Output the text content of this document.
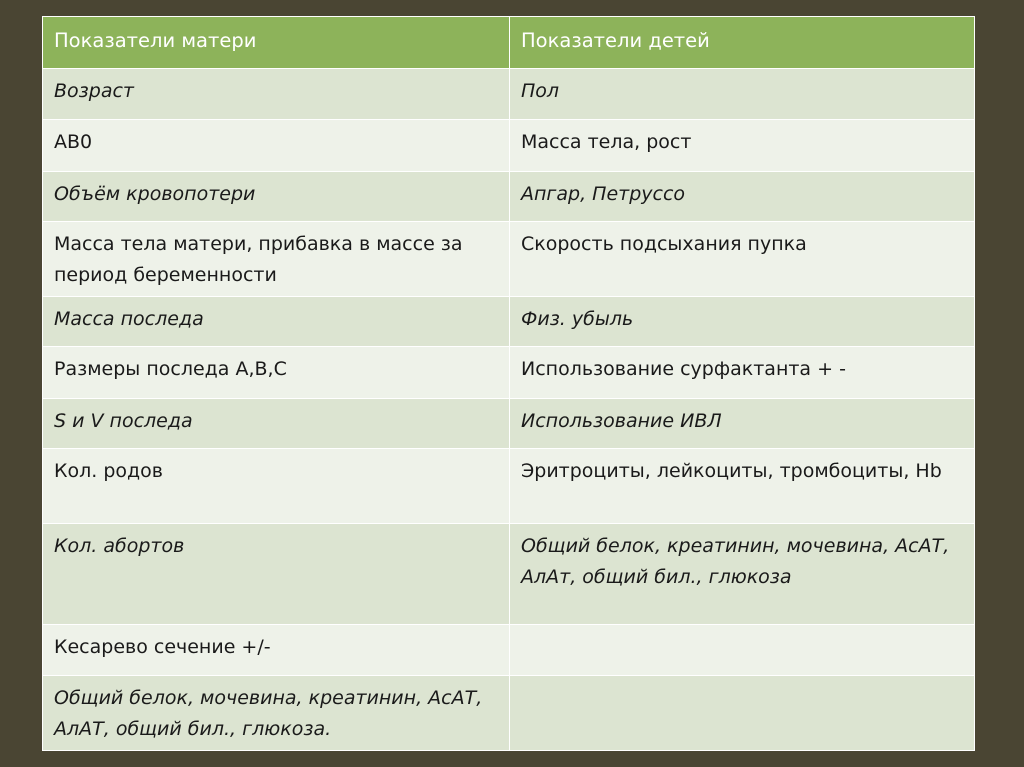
Показатели матери	Показатели детей
Возраст	Пол
АВ0	Масса тела, рост
Объём кровопотери	Апгар, Петруссо
Масса тела матери, прибавка в массе за период беременности	Скорость подсыхания пупка
Масса последа	Физ. убыль
Размеры последа А,В,С	Использование сурфактанта + -
S и V последа	Использование ИВЛ
Кол. родов	Эритроциты, лейкоциты, тромбоциты, Hb
Кол. абортов	Общий белок, креатинин, мочевина, АсАТ, АлАт, общий бил., глюкоза
Кесарево сечение +/-	
Общий белок, мочевина, креатинин, АсАТ, АлАТ, общий бил., глюкоза.	
